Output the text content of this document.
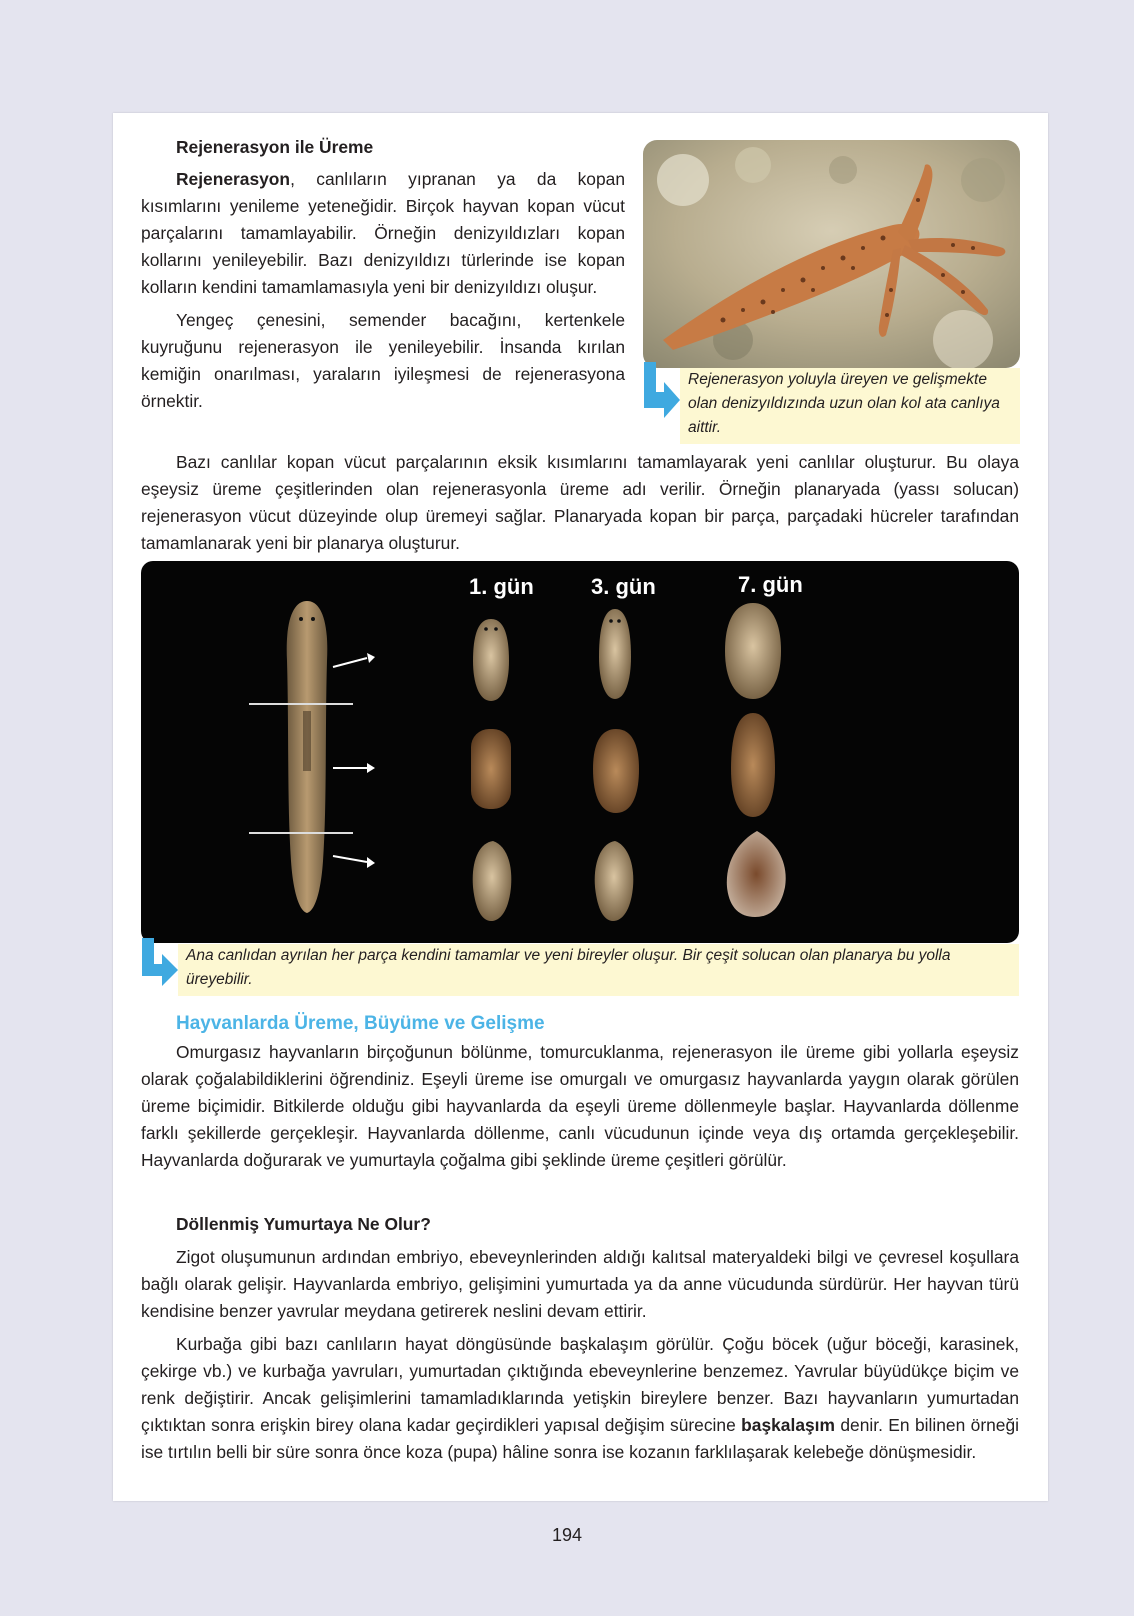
Rejenerasyon ile Üreme

Rejenerasyon, canlıların yıpranan ya da kopan kısımlarını yenileme yeteneğidir. Birçok hayvan kopan vücut parçalarını tamamlayabilir. Örneğin denizyıldızları kopan kollarını yenileyebilir. Bazı denizyıldızı türlerinde ise kopan kolların kendini tamamlamasıyla yeni bir denizyıldızı oluşur.

Yengeç çenesini, semender bacağını, kertenkele kuyruğunu rejenerasyon ile yenileyebilir. İnsanda kırılan kemiğin onarılması, yaraların iyileşmesi de rejenerasyona örnektir.

Rejenerasyon yoluyla üreyen ve gelişmekte olan denizyıldızında uzun olan kol ata canlıya aittir.

Bazı canlılar kopan vücut parçalarının eksik kısımlarını tamamlayarak yeni canlılar oluşturur. Bu olaya eşeysiz üreme çeşitlerinden olan rejenerasyonla üreme adı verilir. Örneğin planaryada (yassı solucan) rejenerasyon vücut düzeyinde olup üremeyi sağlar. Planaryada kopan bir parça, parçadaki hücreler tarafından tamamlanarak yeni bir planarya oluşturur.

1. gün	3. gün	7. gün
Ana canlıdan ayrılan her parça kendini tamamlar ve yeni bireyler oluşur. Bir çeşit solucan olan planarya bu yolla üreyebilir.

Hayvanlarda Üreme, Büyüme ve Gelişme

Omurgasız hayvanların birçoğunun bölünme, tomurcuklanma, rejenerasyon ile üreme gibi yollarla eşeysiz olarak çoğalabildiklerini öğrendiniz. Eşeyli üreme ise omurgalı ve omurgasız hayvanlarda yaygın olarak görülen üreme biçimidir. Bitkilerde olduğu gibi hayvanlarda da eşeyli üreme döllenmeyle başlar. Hayvanlarda döllenme farklı şekillerde gerçekleşir. Hayvanlarda döllenme, canlı vücudunun içinde veya dış ortamda gerçekleşebilir. Hayvanlarda doğurarak ve yumurtayla çoğalma gibi şeklinde üreme çeşitleri görülür.

Döllenmiş Yumurtaya Ne Olur?

Zigot oluşumunun ardından embriyo, ebeveynlerinden aldığı kalıtsal materyaldeki bilgi ve çevresel koşullara bağlı olarak gelişir. Hayvanlarda embriyo, gelişimini yumurtada ya da anne vücudunda sürdürür. Her hayvan türü kendisine benzer yavrular meydana getirerek neslini devam ettirir.

Kurbağa gibi bazı canlıların hayat döngüsünde başkalaşım görülür. Çoğu böcek (uğur böceği, karasinek, çekirge vb.) ve kurbağa yavruları, yumurtadan çıktığında ebeveynlerine benzemez. Yavrular büyüdükçe biçim ve renk değiştirir. Ancak gelişimlerini tamamladıklarında yetişkin bireylere benzer. Bazı hayvanların yumurtadan çıktıktan sonra erişkin birey olana kadar geçirdikleri yapısal değişim sürecine başkalaşım denir. En bilinen örneği ise tırtılın belli bir süre sonra önce koza (pupa) hâline sonra ise kozanın farklılaşarak kelebeğe dönüşmesidir.

194
